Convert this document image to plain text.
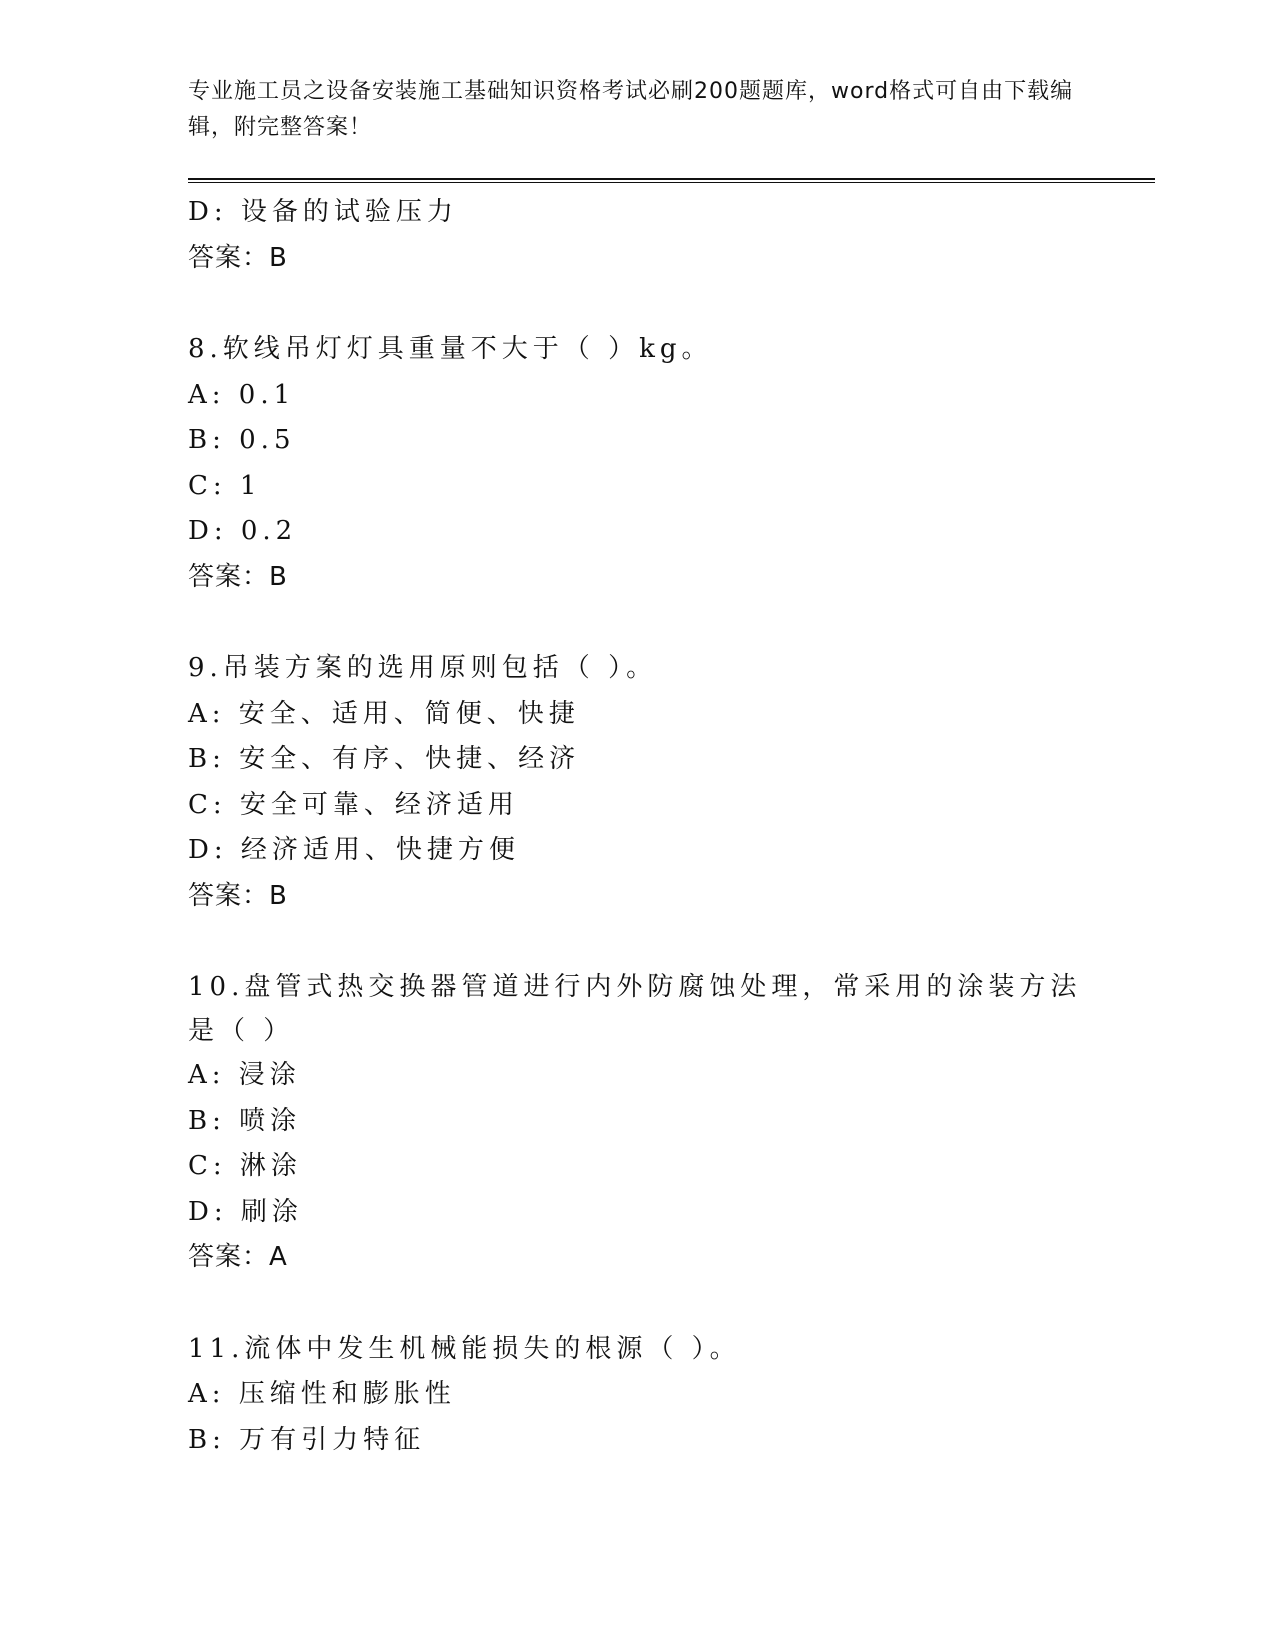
专业施工员之设备安装施工基础知识资格考试必刷200题题库，word格式可自由下载编辑，附完整答案！

D: 设备的试验压力

答案：B

8.软线吊灯灯具重量不大于（ ）kg。

A: 0.1

B: 0.5

C: 1

D: 0.2

答案：B

9.吊装方案的选用原则包括（ ）。

A: 安全、适用、简便、快捷

B: 安全、有序、快捷、经济

C: 安全可靠、经济适用

D: 经济适用、快捷方便

答案：B

10.盘管式热交换器管道进行内外防腐蚀处理，常采用的涂装方法是（ ）

A: 浸涂

B: 喷涂

C: 淋涂

D: 刷涂

答案：A

11.流体中发生机械能损失的根源（ ）。

A: 压缩性和膨胀性

B: 万有引力特征
